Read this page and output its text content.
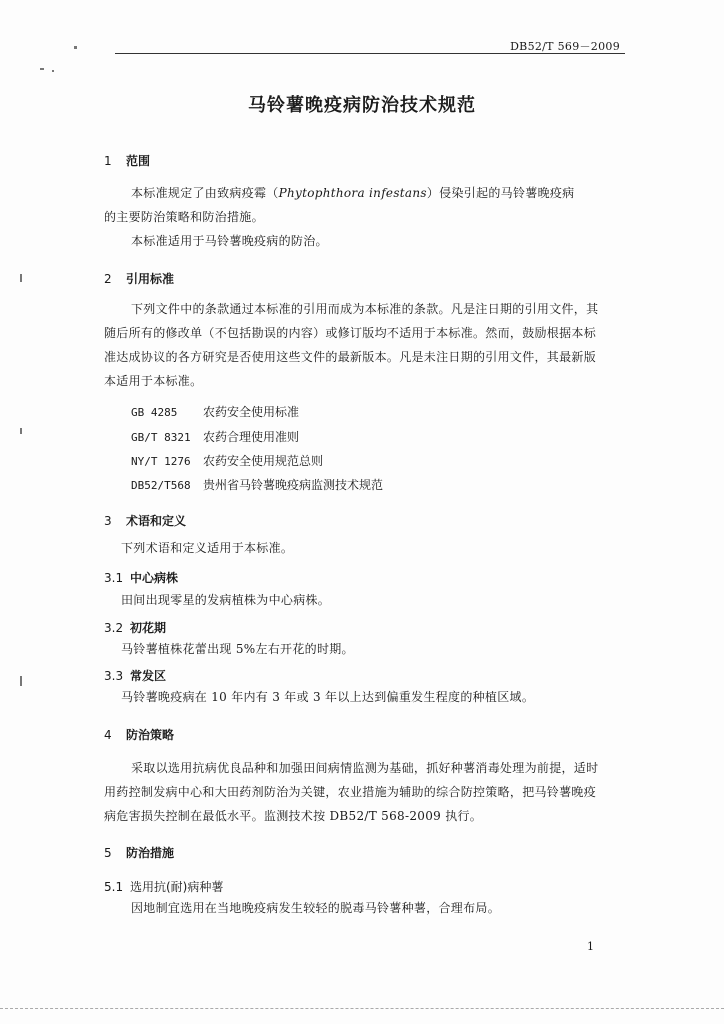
DB52/T 569－2009
马铃薯晚疫病防治技术规范
1 范围
本标准规定了由致病疫霉（Phytophthora infestans）侵染引起的马铃薯晚疫病
的主要防治策略和防治措施。
本标准适用于马铃薯晚疫病的防治。
2 引用标准
下列文件中的条款通过本标准的引用而成为本标准的条款。凡是注日期的引用文件，其
随后所有的修改单（不包括勘误的内容）或修订版均不适用于本标准。然而，鼓励根据本标
准达成协议的各方研究是否使用这些文件的最新版本。凡是未注日期的引用文件，其最新版
本适用于本标准。
GB 4285 农药安全使用标准
GB/T 8321 农药合理使用准则
NY/T 1276 农药安全使用规范总则
DB52/T568 贵州省马铃薯晚疫病监测技术规范
3 术语和定义
下列术语和定义适用于本标准。
3.1 中心病株
田间出现零星的发病植株为中心病株。
3.2 初花期
马铃薯植株花蕾出现 5%左右开花的时期。
3.3 常发区
马铃薯晚疫病在 10 年内有 3 年或 3 年以上达到偏重发生程度的种植区域。
4 防治策略
采取以选用抗病优良品种和加强田间病情监测为基础，抓好种薯消毒处理为前提，适时
用药控制发病中心和大田药剂防治为关键，农业措施为辅助的综合防控策略，把马铃薯晚疫
病危害损失控制在最低水平。监测技术按 DB52/T 568-2009 执行。
5 防治措施
5.1 选用抗(耐)病种薯
因地制宜选用在当地晚疫病发生较轻的脱毒马铃薯种薯，合理布局。
1
